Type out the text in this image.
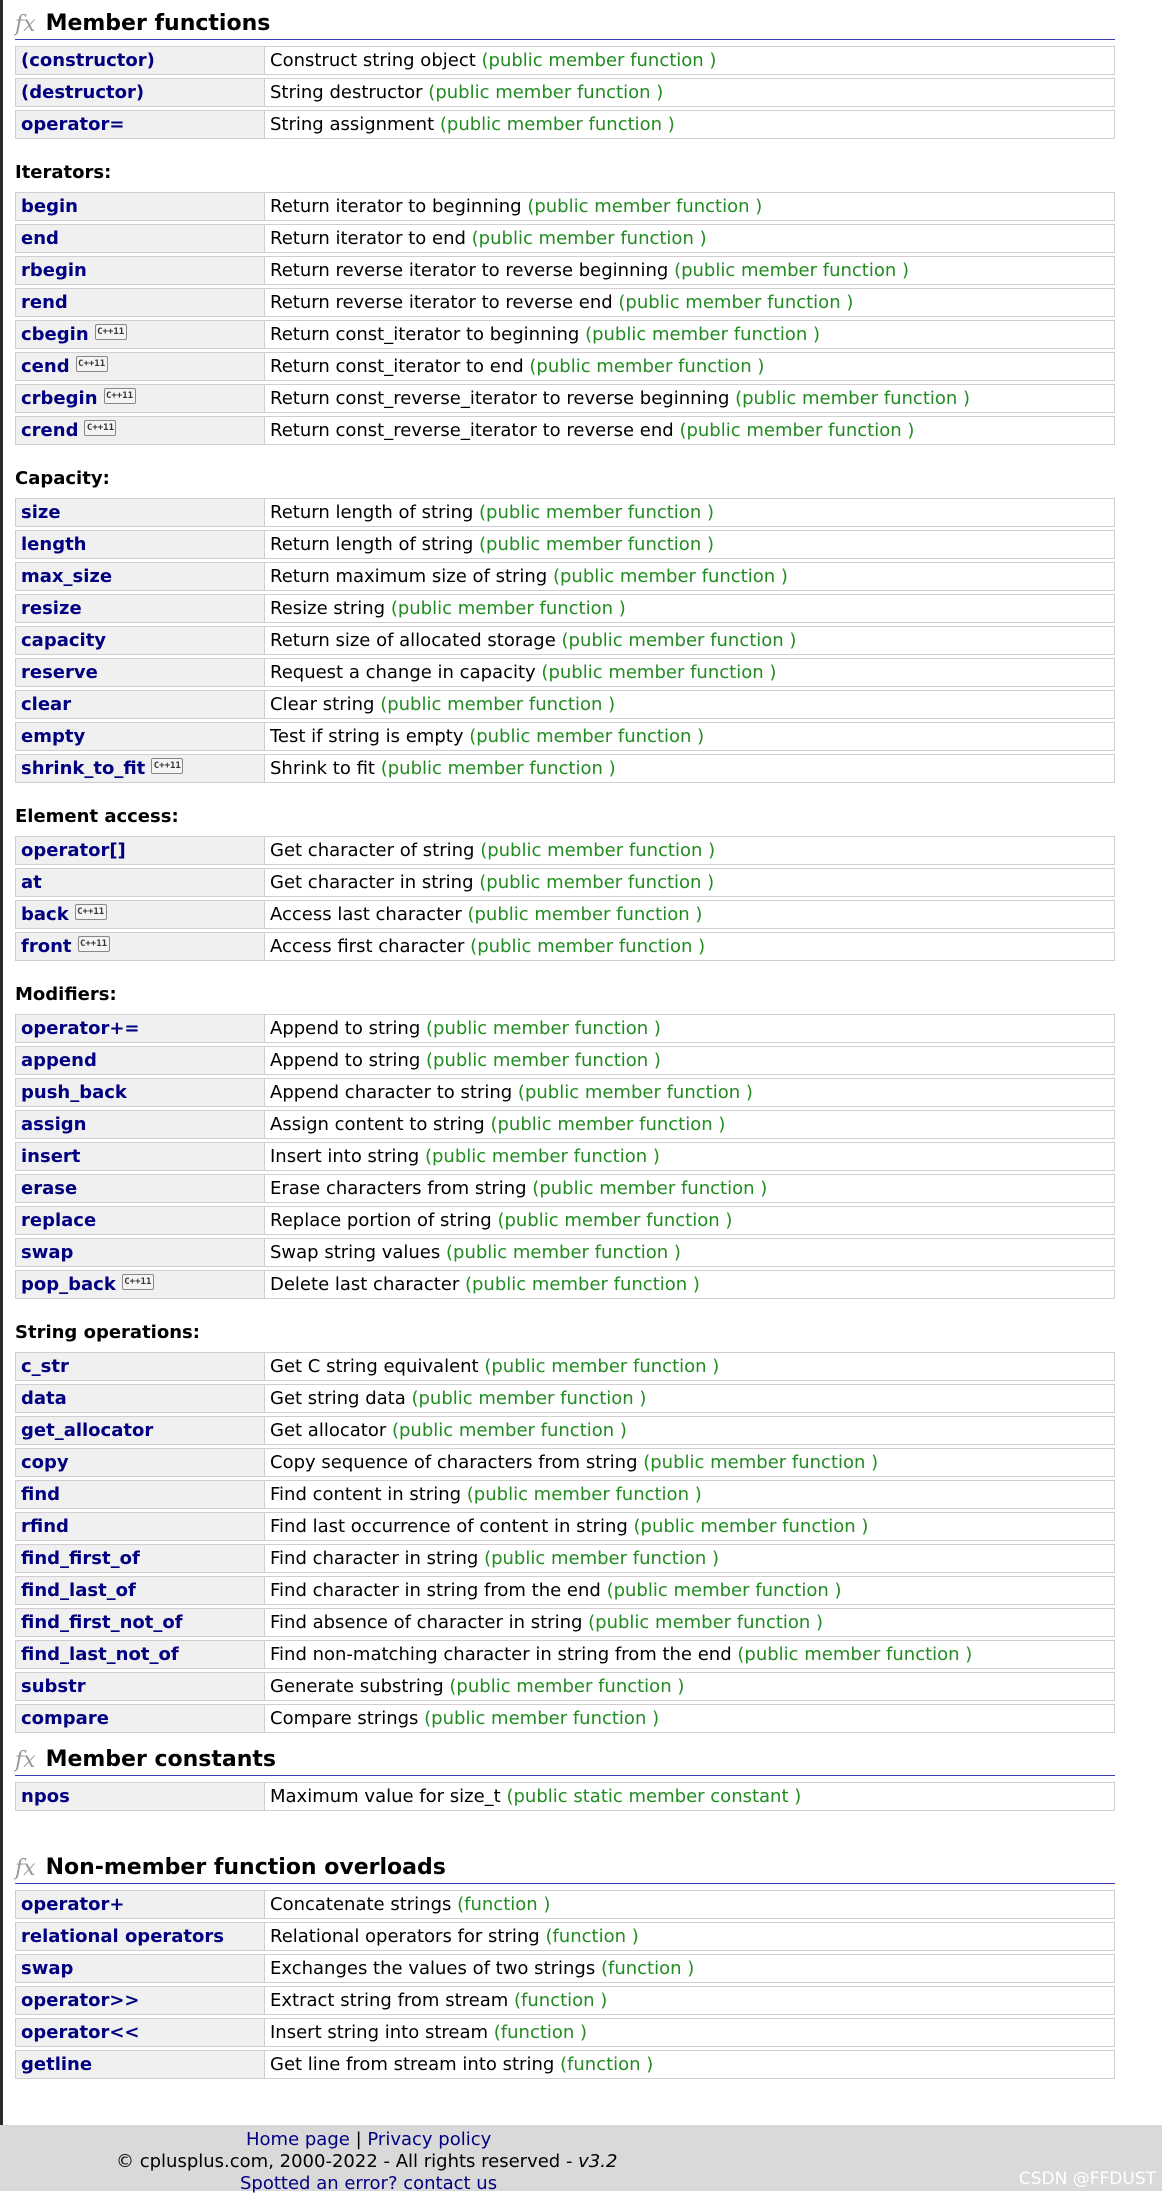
fx Member functions
(constructor)	Construct string object (public member function )
(destructor)	String destructor (public member function )
operator=	String assignment (public member function )
Iterators:
begin	Return iterator to beginning (public member function )
end	Return iterator to end (public member function )
rbegin	Return reverse iterator to reverse beginning (public member function )
rend	Return reverse iterator to reverse end (public member function )
cbegin C++11	Return const_iterator to beginning (public member function )
cend C++11	Return const_iterator to end (public member function )
crbegin C++11	Return const_reverse_iterator to reverse beginning (public member function )
crend C++11	Return const_reverse_iterator to reverse end (public member function )
Capacity:
size	Return length of string (public member function )
length	Return length of string (public member function )
max_size	Return maximum size of string (public member function )
resize	Resize string (public member function )
capacity	Return size of allocated storage (public member function )
reserve	Request a change in capacity (public member function )
clear	Clear string (public member function )
empty	Test if string is empty (public member function )
shrink_to_fit C++11	Shrink to fit (public member function )
Element access:
operator[]	Get character of string (public member function )
at	Get character in string (public member function )
back C++11	Access last character (public member function )
front C++11	Access first character (public member function )
Modifiers:
operator+=	Append to string (public member function )
append	Append to string (public member function )
push_back	Append character to string (public member function )
assign	Assign content to string (public member function )
insert	Insert into string (public member function )
erase	Erase characters from string (public member function )
replace	Replace portion of string (public member function )
swap	Swap string values (public member function )
pop_back C++11	Delete last character (public member function )
String operations:
c_str	Get C string equivalent (public member function )
data	Get string data (public member function )
get_allocator	Get allocator (public member function )
copy	Copy sequence of characters from string (public member function )
find	Find content in string (public member function )
rfind	Find last occurrence of content in string (public member function )
find_first_of	Find character in string (public member function )
find_last_of	Find character in string from the end (public member function )
find_first_not_of	Find absence of character in string (public member function )
find_last_not_of	Find non-matching character in string from the end (public member function )
substr	Generate substring (public member function )
compare	Compare strings (public member function )
fx Member constants
npos	Maximum value for size_t (public static member constant )
fx Non-member function overloads
operator+	Concatenate strings (function )
relational operators	Relational operators for string (function )
swap	Exchanges the values of two strings (function )
operator>>	Extract string from stream (function )
operator<<	Insert string into stream (function )
getline	Get line from stream into string (function )
Home page | Privacy policy
© cplusplus.com, 2000-2022 - All rights reserved - v3.2
Spotted an error? contact us	CSDN @FFDUST
